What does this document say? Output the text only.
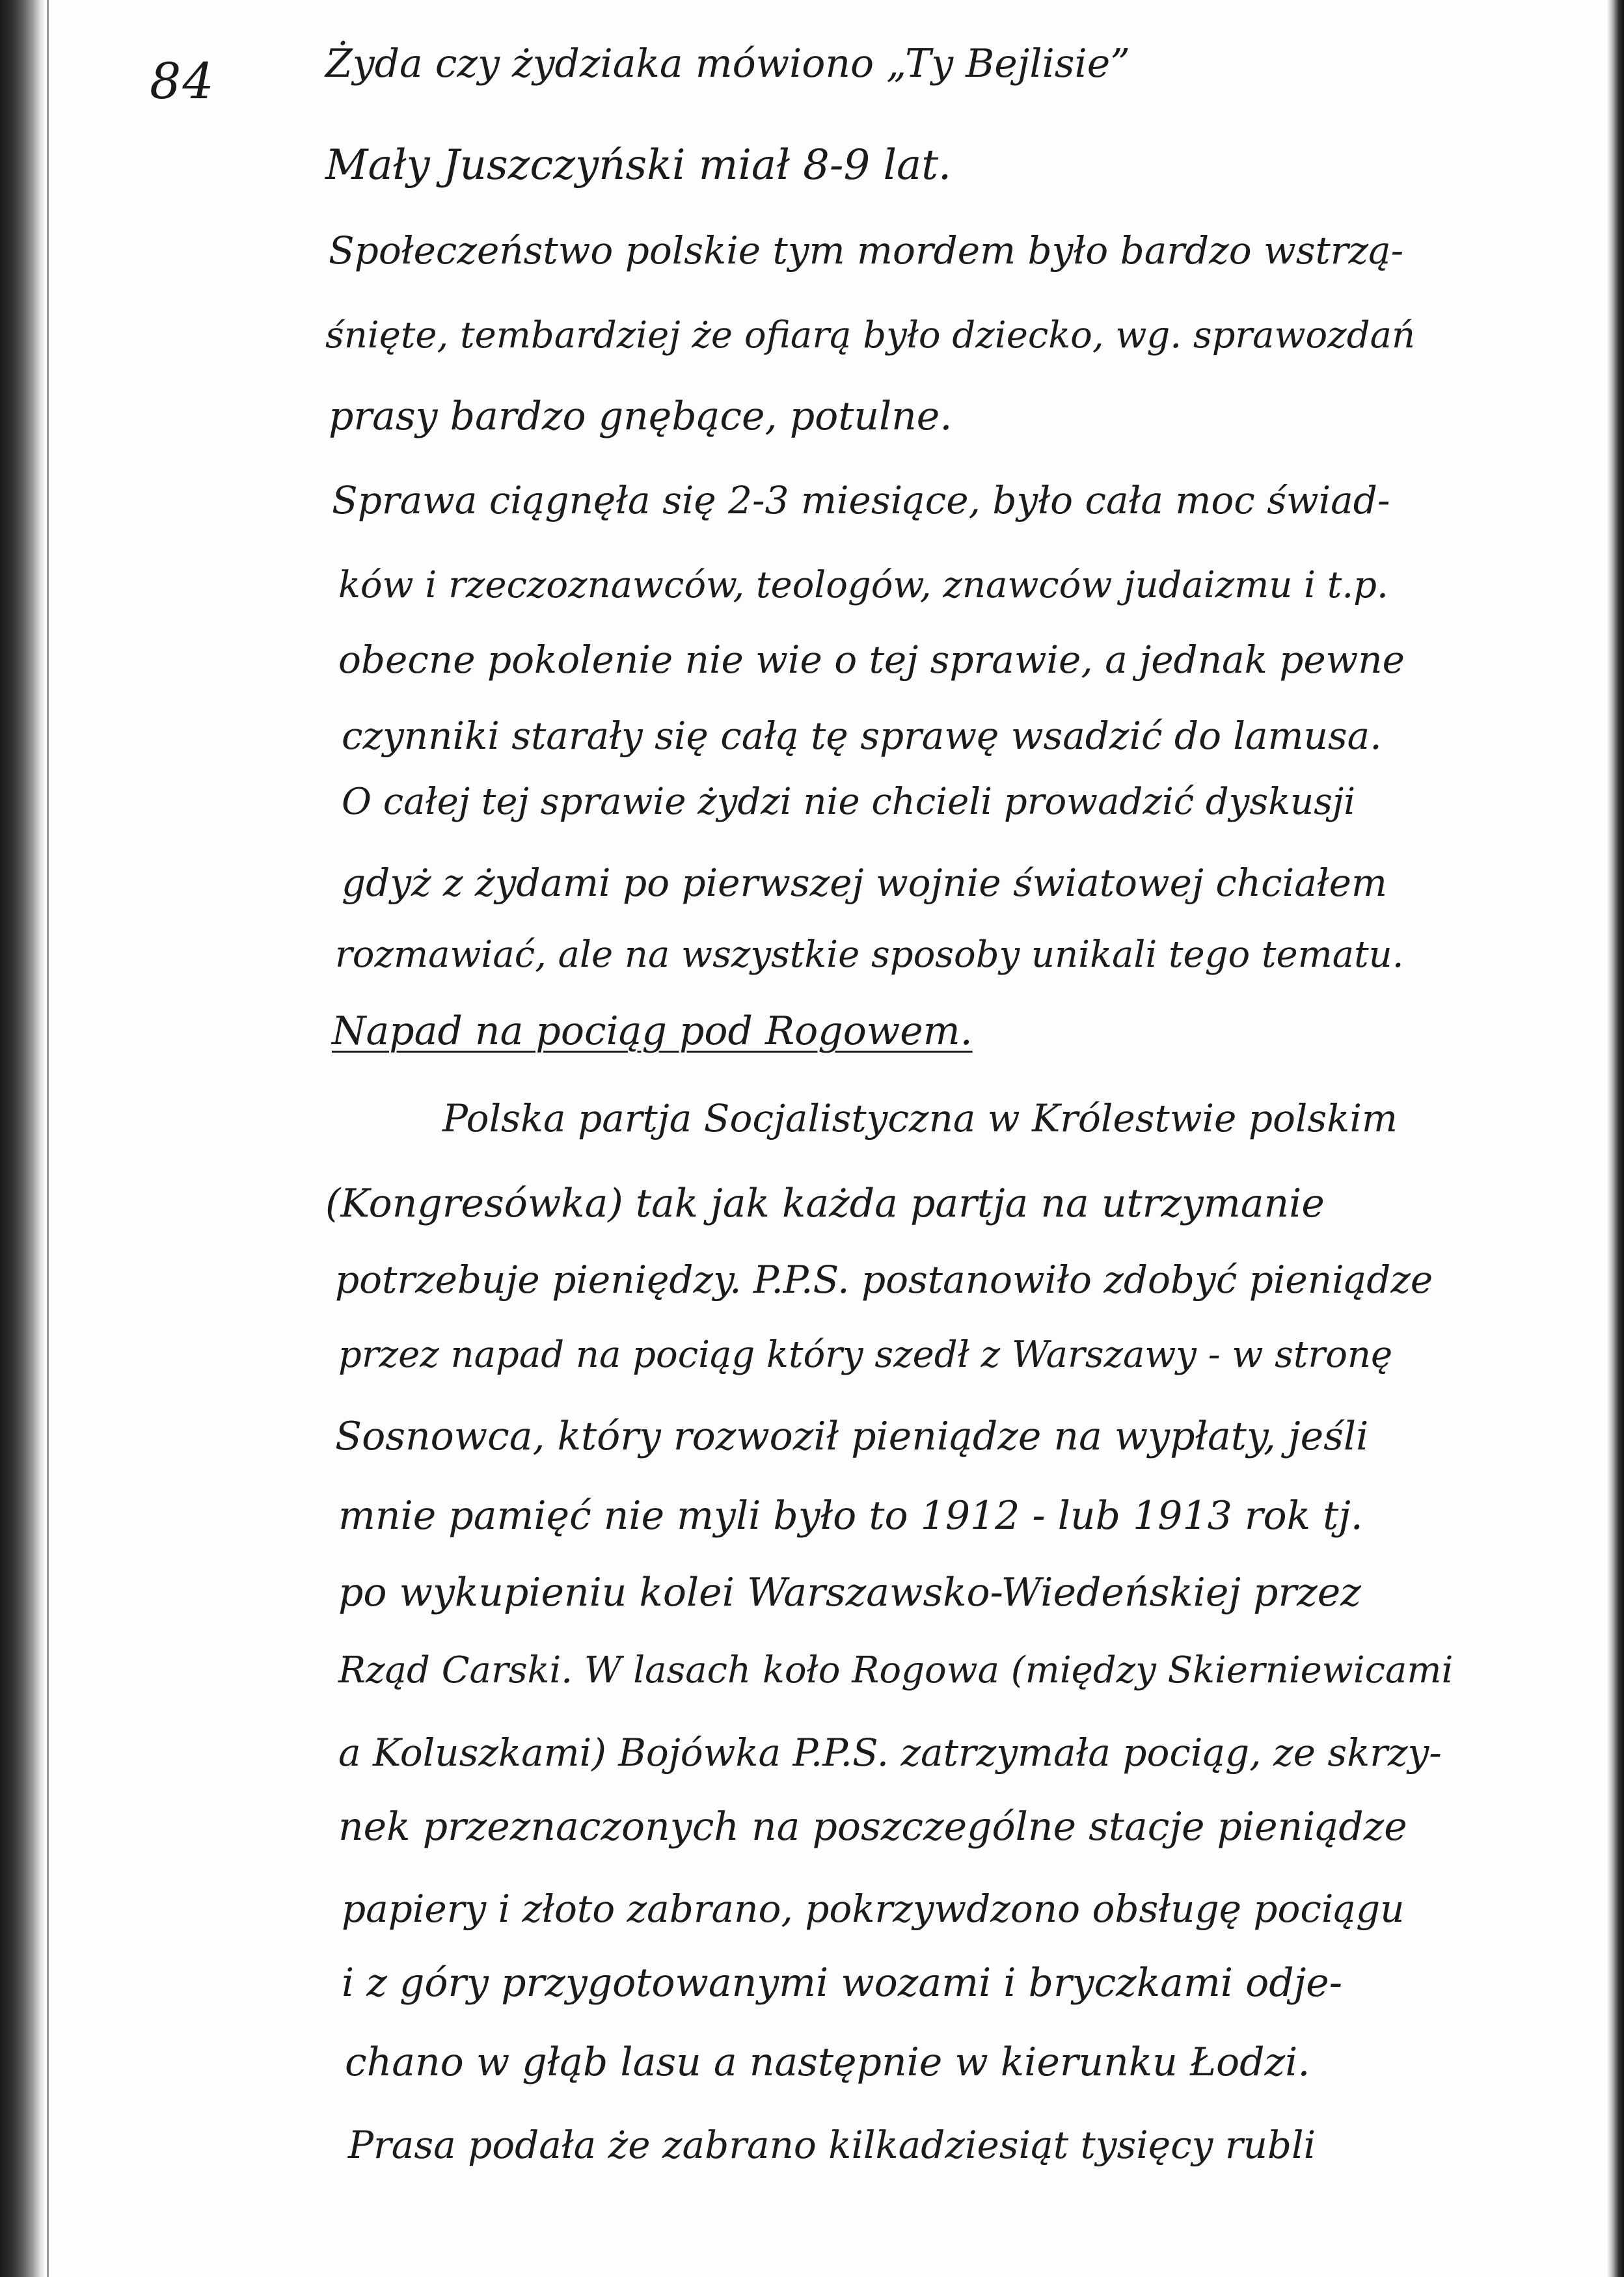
84	Żyda czy żydziaka mówiono „Ty Bejlisie”
Mały Juszczyński miał 8-9 lat.
Społeczeństwo polskie tym mordem było bardzo wstrzą-
śnięte, tembardziej że ofiarą było dziecko, wg. sprawozdań
prasy bardzo gnębące, potulne.
Sprawa ciągnęła się 2-3 miesiące, było cała moc świad-
ków i rzeczoznawców, teologów, znawców judaizmu i t.p.
obecne pokolenie nie wie o tej sprawie, a jednak pewne
czynniki starały się całą tę sprawę wsadzić do lamusa.
O całej tej sprawie żydzi nie chcieli prowadzić dyskusji
gdyż z żydami po pierwszej wojnie światowej chciałem
rozmawiać, ale na wszystkie sposoby unikali tego tematu.
Napad na pociąg pod Rogowem.
Polska partja Socjalistyczna w Królestwie polskim
(Kongresówka) tak jak każda partja na utrzymanie
potrzebuje pieniędzy. P.P.S. postanowiło zdobyć pieniądze
przez napad na pociąg który szedł z Warszawy - w stronę
Sosnowca, który rozwoził pieniądze na wypłaty, jeśli
mnie pamięć nie myli było to 1912 - lub 1913 rok tj.
po wykupieniu kolei Warszawsko-Wiedeńskiej przez
Rząd Carski. W lasach koło Rogowa (między Skierniewicami
a Koluszkami) Bojówka P.P.S. zatrzymała pociąg, ze skrzy-
nek przeznaczonych na poszczególne stacje pieniądze
papiery i złoto zabrano, pokrzywdzono obsługę pociągu
i z góry przygotowanymi wozami i bryczkami odje-
chano w głąb lasu a następnie w kierunku Łodzi.
Prasa podała że zabrano kilkadziesiąt tysięcy rubli
